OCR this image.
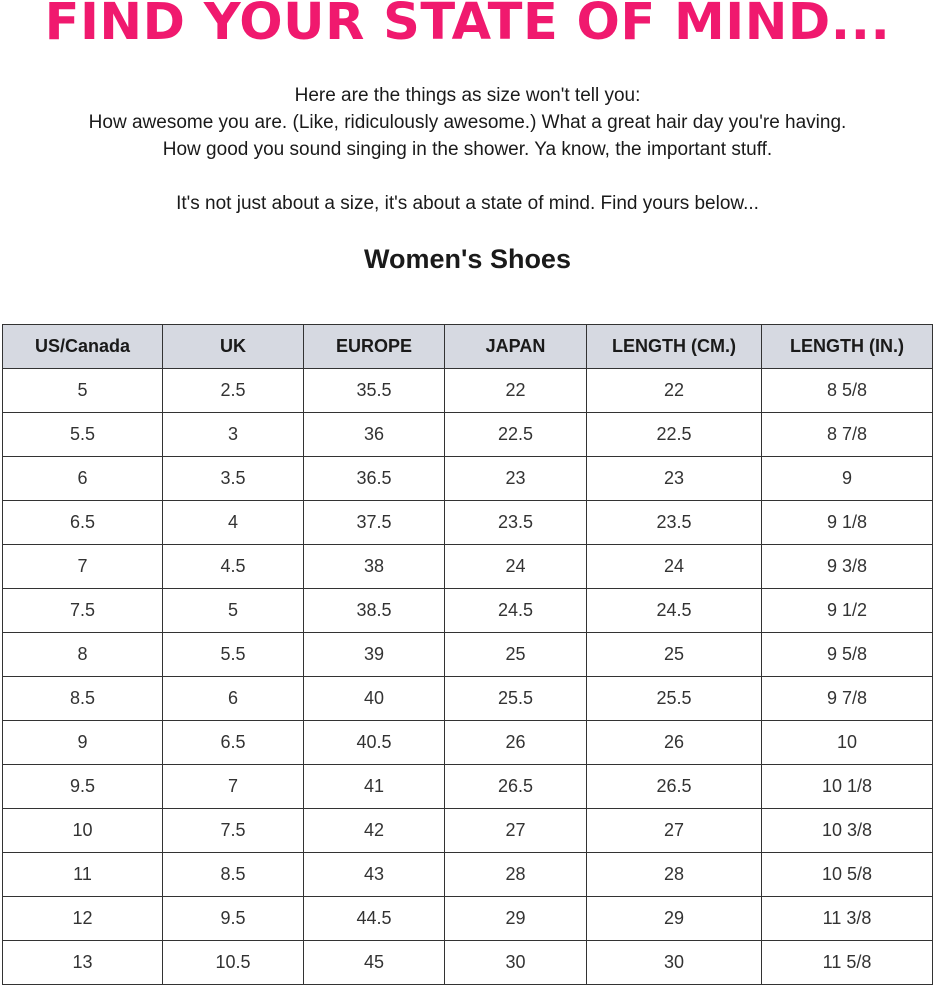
FIND YOUR STATE OF MIND...

Here are the things as size won't tell you:

How awesome you are. (Like, ridiculously awesome.) What a great hair day you're having.

How good you sound singing in the shower. Ya know, the important stuff.

It's not just about a size, it's about a state of mind. Find yours below...

Women's Shoes
US/Canada	UK	EUROPE	JAPAN	LENGTH (CM.)	LENGTH (IN.)
5	2.5	35.5	22	22	8 5/8
5.5	3	36	22.5	22.5	8 7/8
6	3.5	36.5	23	23	9
6.5	4	37.5	23.5	23.5	9 1/8
7	4.5	38	24	24	9 3/8
7.5	5	38.5	24.5	24.5	9 1/2
8	5.5	39	25	25	9 5/8
8.5	6	40	25.5	25.5	9 7/8
9	6.5	40.5	26	26	10
9.5	7	41	26.5	26.5	10 1/8
10	7.5	42	27	27	10 3/8
11	8.5	43	28	28	10 5/8
12	9.5	44.5	29	29	11 3/8
13	10.5	45	30	30	11 5/8
